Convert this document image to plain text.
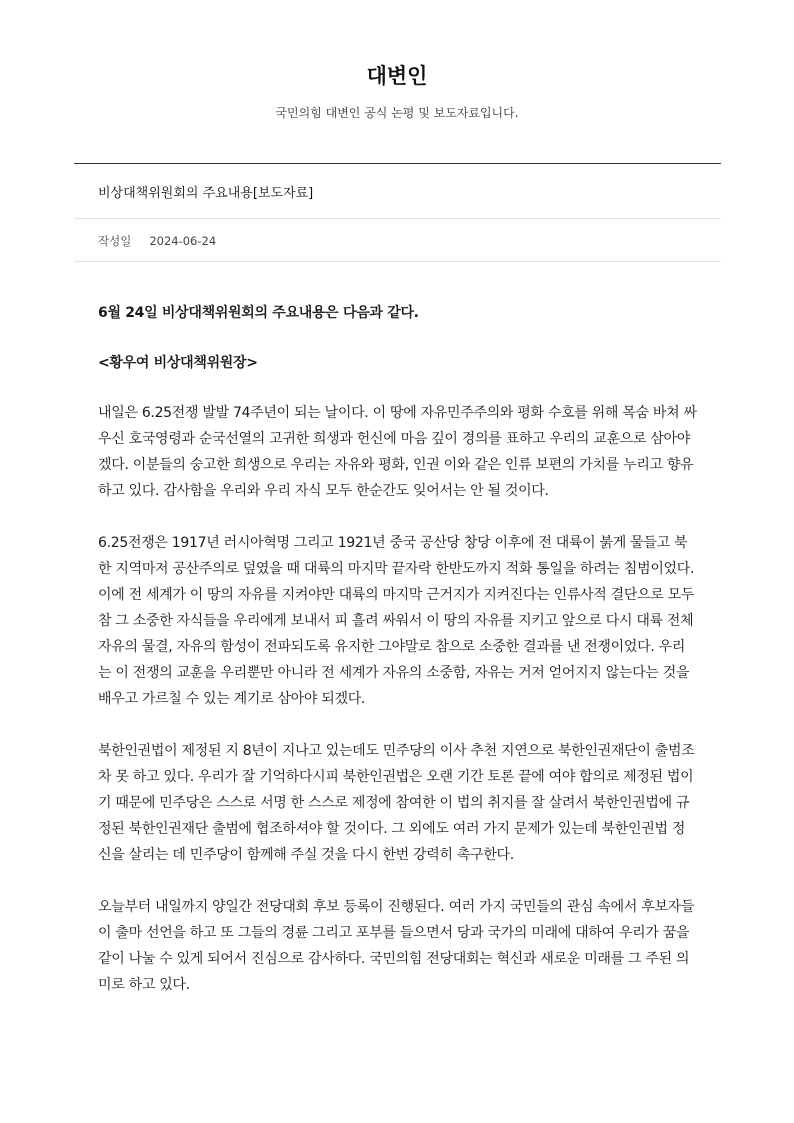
대변인

국민의힘 대변인 공식 논평 및 보도자료입니다.

비상대책위원회의 주요내용[보도자료]
작성일 2024-06-24

6월 24일 비상대책위원회의 주요내용은 다음과 같다.

<황우여 비상대책위원장>

내일은 6.25전쟁 발발 74주년이 되는 날이다. 이 땅에 자유민주주의와 평화 수호를 위해 목숨 바쳐 싸우신 호국영령과 순국선열의 고귀한 희생과 헌신에 마음 깊이 경의를 표하고 우리의 교훈으로 삼아야겠다. 이분들의 숭고한 희생으로 우리는 자유와 평화, 인권 이와 같은 인류 보편의 가치를 누리고 향유하고 있다. 감사함을 우리와 우리 자식 모두 한순간도 잊어서는 안 될 것이다.

6.25전쟁은 1917년 러시아혁명 그리고 1921년 중국 공산당 창당 이후에 전 대륙이 붉게 물들고 북한 지역마저 공산주의로 덮였을 때 대륙의 마지막 끝자락 한반도까지 적화 통일을 하려는 침범이었다. 이에 전 세계가 이 땅의 자유를 지켜야만 대륙의 마지막 근거지가 지켜진다는 인류사적 결단으로 모두 참 그 소중한 자식들을 우리에게 보내서 피 흘려 싸워서 이 땅의 자유를 지키고 앞으로 다시 대륙 전체 자유의 물결, 자유의 함성이 전파되도록 유지한 그야말로 참으로 소중한 결과를 낸 전쟁이었다. 우리는 이 전쟁의 교훈을 우리뿐만 아니라 전 세계가 자유의 소중함, 자유는 거저 얻어지지 않는다는 것을 배우고 가르칠 수 있는 계기로 삼아야 되겠다.

북한인권법이 제정된 지 8년이 지나고 있는데도 민주당의 이사 추천 지연으로 북한인권재단이 출범조차 못 하고 있다. 우리가 잘 기억하다시피 북한인권법은 오랜 기간 토론 끝에 여야 합의로 제정된 법이기 때문에 민주당은 스스로 서명 한 스스로 제정에 참여한 이 법의 취지를 잘 살려서 북한인권법에 규정된 북한인권재단 출범에 협조하셔야 할 것이다. 그 외에도 여러 가지 문제가 있는데 북한인권법 정신을 살리는 데 민주당이 함께해 주실 것을 다시 한번 강력히 촉구한다.

오늘부터 내일까지 양일간 전당대회 후보 등록이 진행된다. 여러 가지 국민들의 관심 속에서 후보자들이 출마 선언을 하고 또 그들의 경륜 그리고 포부를 들으면서 당과 국가의 미래에 대하여 우리가 꿈을 같이 나눌 수 있게 되어서 진심으로 감사하다. 국민의힘 전당대회는 혁신과 새로운 미래를 그 주된 의미로 하고 있다.
